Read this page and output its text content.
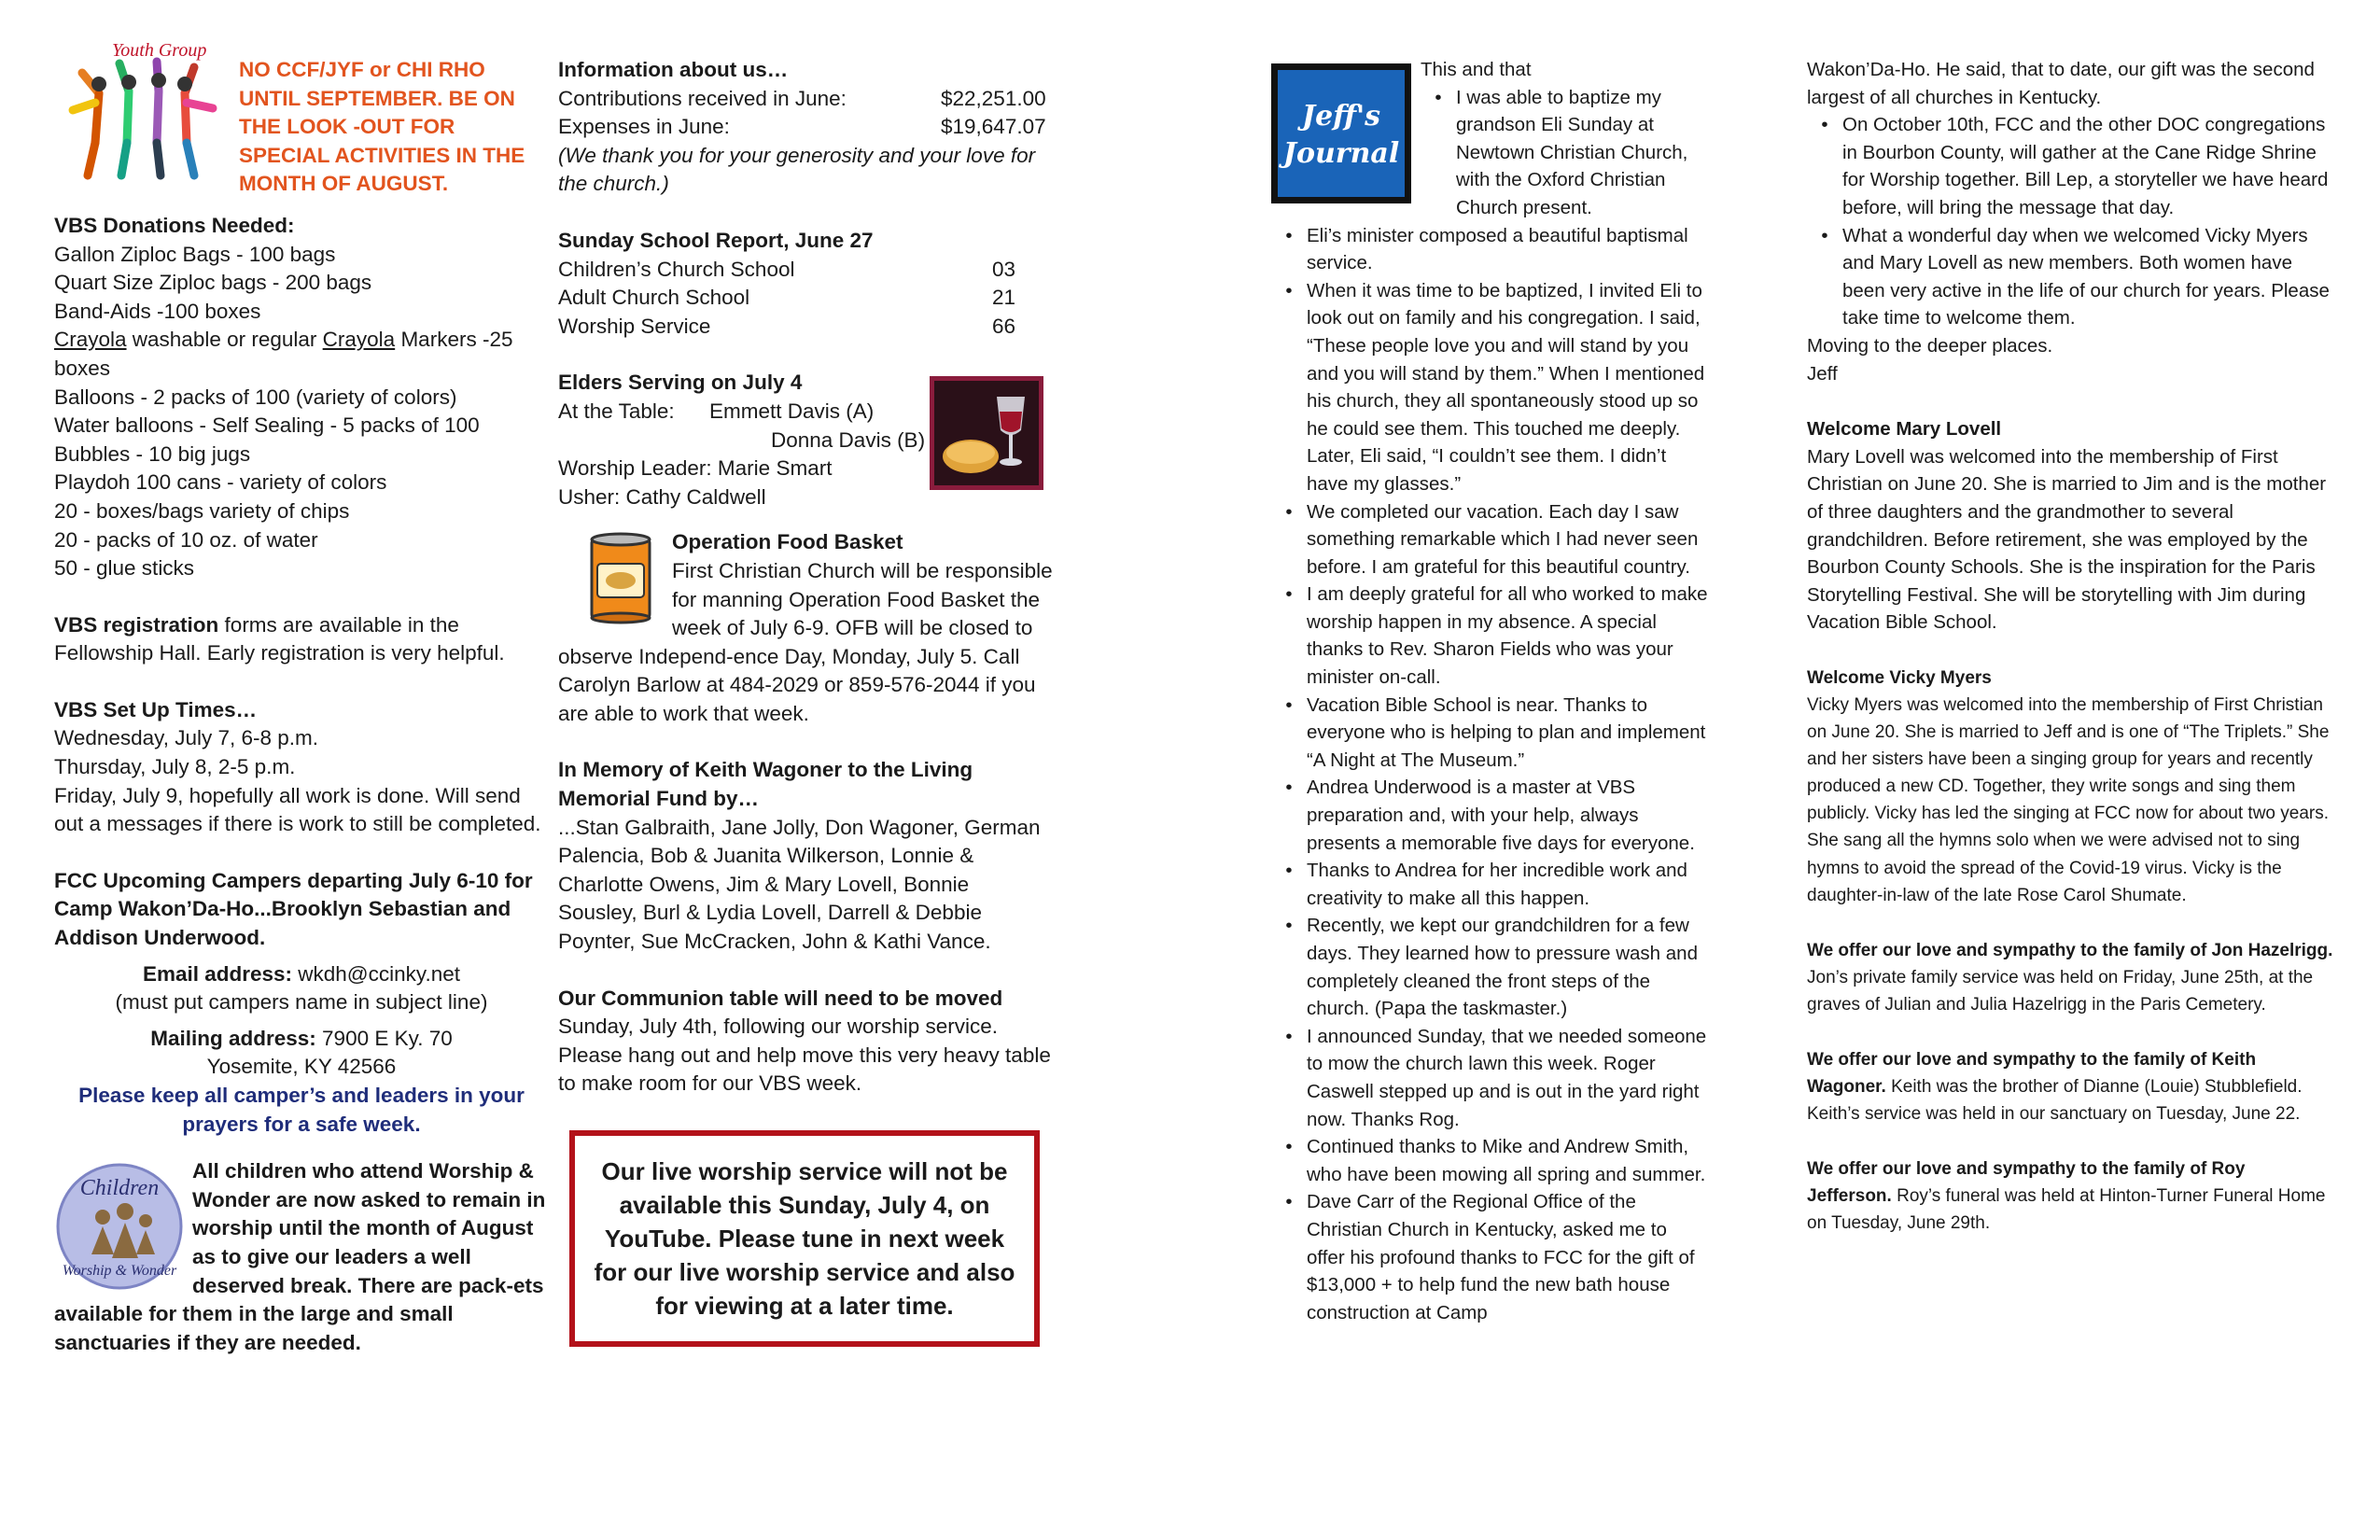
Youth Group

NO CCF/JYF or CHI RHO UNTIL SEPTEMBER. BE ON THE LOOK -OUT FOR SPECIAL ACTIVITIES IN THE MONTH OF AUGUST.

VBS Donations Needed:

Gallon Ziploc Bags - 100 bags

Quart Size Ziploc bags - 200 bags

Band-Aids -100 boxes

Crayola washable or regular Crayola Markers -25 boxes

Balloons - 2 packs of 100 (variety of colors)

Water balloons - Self Sealing - 5 packs of 100

Bubbles - 10 big jugs

Playdoh 100 cans - variety of colors

20 - boxes/bags variety of chips

20 - packs of 10 oz. of water

50 - glue sticks

VBS registration forms are available in the Fellowship Hall. Early registration is very helpful.

VBS Set Up Times…

Wednesday, July 7, 6-8 p.m.

Thursday, July 8, 2-5 p.m.

Friday, July 9, hopefully all work is done. Will send out a messages if there is work to still be completed.

FCC Upcoming Campers departing July 6-10 for Camp Wakon’Da-Ho...Brooklyn Sebastian and Addison Underwood.

Email address: wkdh@ccinky.net

(must put campers name in subject line)

Mailing address: 7900 E Ky. 70

Yosemite, KY 42566

Please keep all camper’s and leaders in your prayers for a safe week.

Children
Worship & Wonder

All children who attend Worship & Wonder are now asked to remain in worship until the month of August as to give our leaders a well deserved break. There are pack-ets available for them in the large and small sanctuaries if they are needed.

Information about us…

Contributions received in June:	$22,251.00
Expenses in June:	$19,647.07

(We thank you for your generosity and your love for the church.)

Sunday School Report, June 27

Children’s Church School	03
Adult Church School	21
Worship Service	66

Elders Serving on July 4

At the Table:	Emmett Davis (A)
Donna Davis (B)

Worship Leader: Marie Smart

Usher: Cathy Caldwell

Operation Food Basket

First Christian Church will be responsible for manning Operation Food Basket the week of July 6-9. OFB will be closed to observe Independ-ence Day, Monday, July 5. Call Carolyn Barlow at 484-2029 or 859-576-2044 if you are able to work that week.

In Memory of Keith Wagoner to the Living Memorial Fund by…

...Stan Galbraith, Jane Jolly, Don Wagoner, German Palencia, Bob & Juanita Wilkerson, Lonnie & Charlotte Owens, Jim & Mary Lovell, Bonnie Sousley, Burl & Lydia Lovell, Darrell & Debbie Poynter, Sue McCracken, John & Kathi Vance.

Our Communion table will need to be moved

Sunday, July 4th, following our worship service. Please hang out and help move this very heavy table to make room for our VBS week.

Our live worship service will not be available this Sunday, July 4, on YouTube. Please tune in next week for our live worship service and also for viewing at a later time.
Jeff's
Journal

This and that

• I was able to baptize my grandson Eli Sunday at Newtown Christian Church, with the Oxford Christian Church present.
• Eli’s minister composed a beautiful baptismal service.
• When it was time to be baptized, I invited Eli to look out on family and his congregation. I said, “These people love you and will stand by you and you will stand by them.” When I mentioned his church, they all spontaneously stood up so he could see them. This touched me deeply. Later, Eli said, “I couldn’t see them. I didn’t have my glasses.”
• We completed our vacation. Each day I saw something remarkable which I had never seen before. I am grateful for this beautiful country.
• I am deeply grateful for all who worked to make worship happen in my absence. A special thanks to Rev. Sharon Fields who was your minister on-call.
• Vacation Bible School is near. Thanks to everyone who is helping to plan and implement “A Night at The Museum.”
• Andrea Underwood is a master at VBS preparation and, with your help, always presents a memorable five days for everyone.
• Thanks to Andrea for her incredible work and creativity to make all this happen.
• Recently, we kept our grandchildren for a few days. They learned how to pressure wash and completely cleaned the front steps of the church. (Papa the taskmaster.)
• I announced Sunday, that we needed someone to mow the church lawn this week. Roger Caswell stepped up and is out in the yard right now. Thanks Rog.
• Continued thanks to Mike and Andrew Smith, who have been mowing all spring and summer.
• Dave Carr of the Regional Office of the Christian Church in Kentucky, asked me to offer his profound thanks to FCC for the gift of $13,000 + to help fund the new bath house construction at Camp

Wakon’Da-Ho. He said, that to date, our gift was the second largest of all churches in Kentucky.

• On October 10th, FCC and the other DOC congregations in Bourbon County, will gather at the Cane Ridge Shrine for Worship together. Bill Lep, a storyteller we have heard before, will bring the message that day.
• What a wonderful day when we welcomed Vicky Myers and Mary Lovell as new members. Both women have been very active in the life of our church for years. Please take time to welcome them.

Moving to the deeper places.

Jeff

Welcome Mary Lovell

Mary Lovell was welcomed into the membership of First Christian on June 20. She is married to Jim and is the mother of three daughters and the grandmother to several grandchildren. Before retirement, she was employed by the Bourbon County Schools. She is the inspiration for the Paris Storytelling Festival. She will be storytelling with Jim during Vacation Bible School.

Welcome Vicky Myers

Vicky Myers was welcomed into the membership of First Christian on June 20. She is married to Jeff and is one of “The Triplets.” She and her sisters have been a singing group for years and recently produced a new CD. Together, they write songs and sing them publicly. Vicky has led the singing at FCC now for about two years. She sang all the hymns solo when we were advised not to sing hymns to avoid the spread of the Covid-19 virus. Vicky is the daughter-in-law of the late Rose Carol Shumate.

We offer our love and sympathy to the family of Jon Hazelrigg. Jon’s private family service was held on Friday, June 25th, at the graves of Julian and Julia Hazelrigg in the Paris Cemetery.

We offer our love and sympathy to the family of Keith Wagoner. Keith was the brother of Dianne (Louie) Stubblefield. Keith’s service was held in our sanctuary on Tuesday, June 22.

We offer our love and sympathy to the family of Roy Jefferson. Roy’s funeral was held at Hinton-Turner Funeral Home on Tuesday, June 29th.
